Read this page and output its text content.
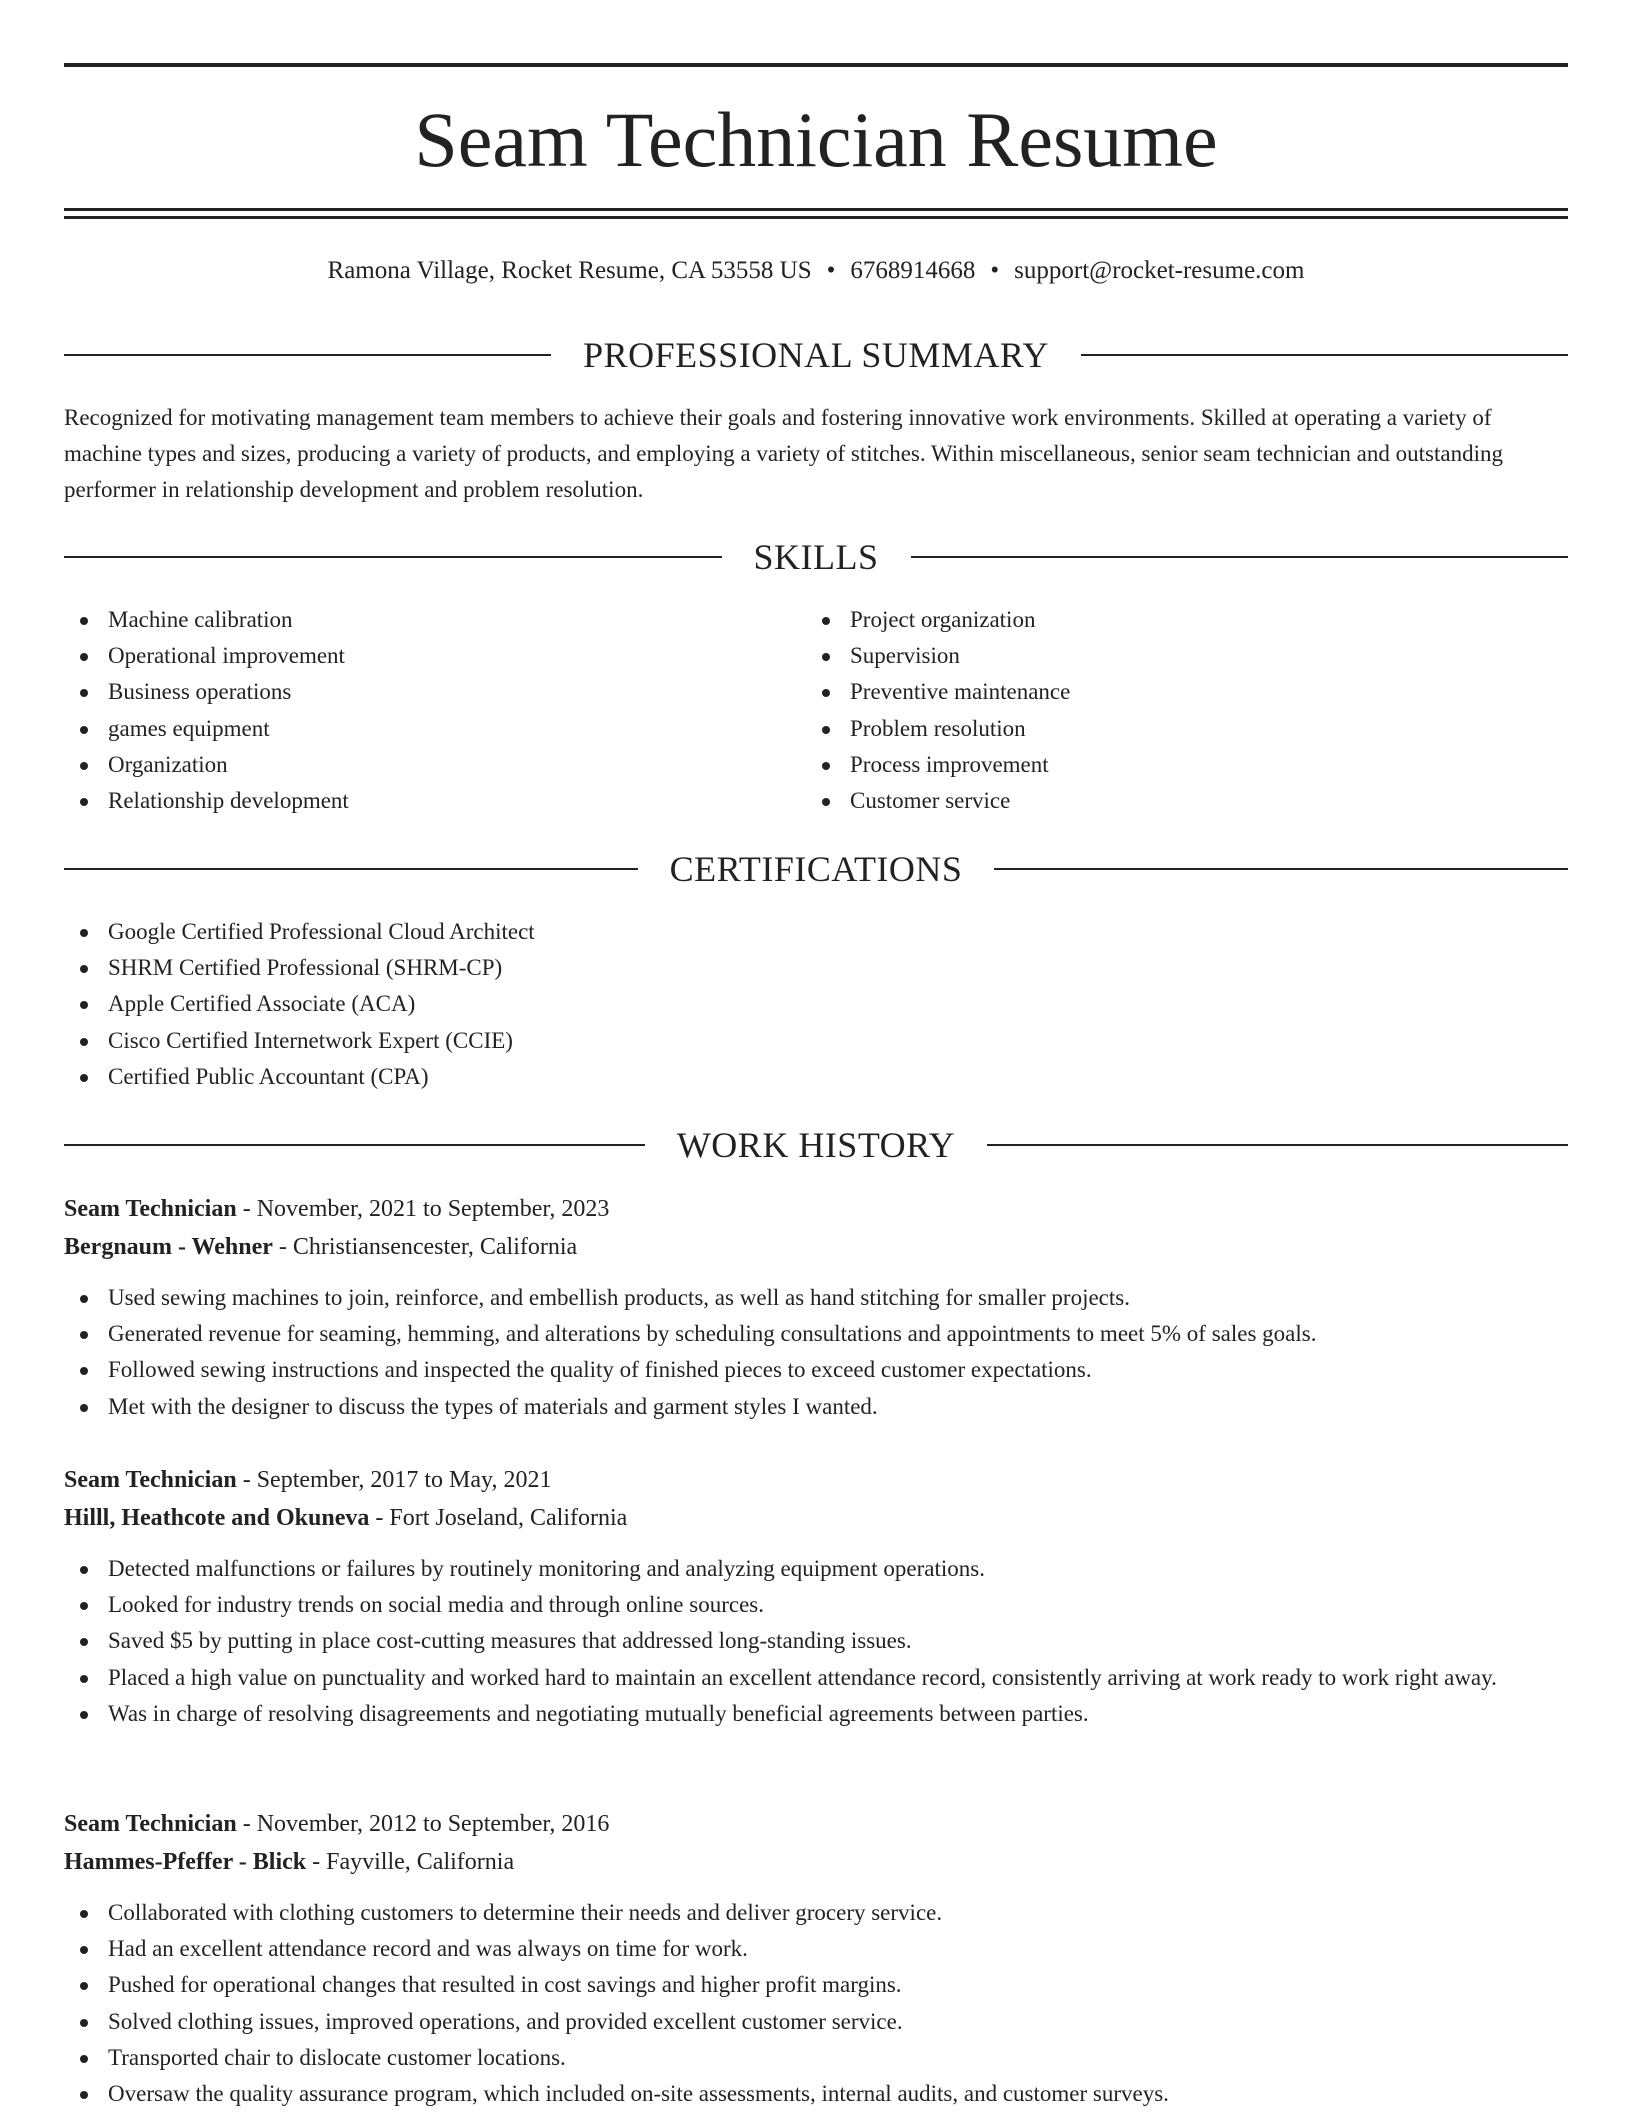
Seam Technician Resume
Ramona Village, Rocket Resume, CA 53558 US • 6768914668 • support@rocket-resume.com
PROFESSIONAL SUMMARY

Recognized for motivating management team members to achieve their goals and fostering innovative work environments. Skilled at operating a variety of machine types and sizes, producing a variety of products, and employing a variety of stitches. Within miscellaneous, senior seam technician and outstanding performer in relationship development and problem resolution.

SKILLS
Machine calibration
Operational improvement
Business operations
games equipment
Organization
Relationship development
Project organization
Supervision
Preventive maintenance
Problem resolution
Process improvement
Customer service
CERTIFICATIONS
Google Certified Professional Cloud Architect
SHRM Certified Professional (SHRM-CP)
Apple Certified Associate (ACA)
Cisco Certified Internetwork Expert (CCIE)
Certified Public Accountant (CPA)
WORK HISTORY
Seam Technician - November, 2021 to September, 2023
Bergnaum - Wehner - Christiansencester, California
Used sewing machines to join, reinforce, and embellish products, as well as hand stitching for smaller projects.
Generated revenue for seaming, hemming, and alterations by scheduling consultations and appointments to meet 5% of sales goals.
Followed sewing instructions and inspected the quality of finished pieces to exceed customer expectations.
Met with the designer to discuss the types of materials and garment styles I wanted.
Seam Technician - September, 2017 to May, 2021
Hilll, Heathcote and Okuneva - Fort Joseland, California
Detected malfunctions or failures by routinely monitoring and analyzing equipment operations.
Looked for industry trends on social media and through online sources.
Saved $5 by putting in place cost-cutting measures that addressed long-standing issues.
Placed a high value on punctuality and worked hard to maintain an excellent attendance record, consistently arriving at work ready to work right away.
Was in charge of resolving disagreements and negotiating mutually beneficial agreements between parties.
Seam Technician - November, 2012 to September, 2016
Hammes-Pfeffer - Blick - Fayville, California
Collaborated with clothing customers to determine their needs and deliver grocery service.
Had an excellent attendance record and was always on time for work.
Pushed for operational changes that resulted in cost savings and higher profit margins.
Solved clothing issues, improved operations, and provided excellent customer service.
Transported chair to dislocate customer locations.
Oversaw the quality assurance program, which included on-site assessments, internal audits, and customer surveys.
